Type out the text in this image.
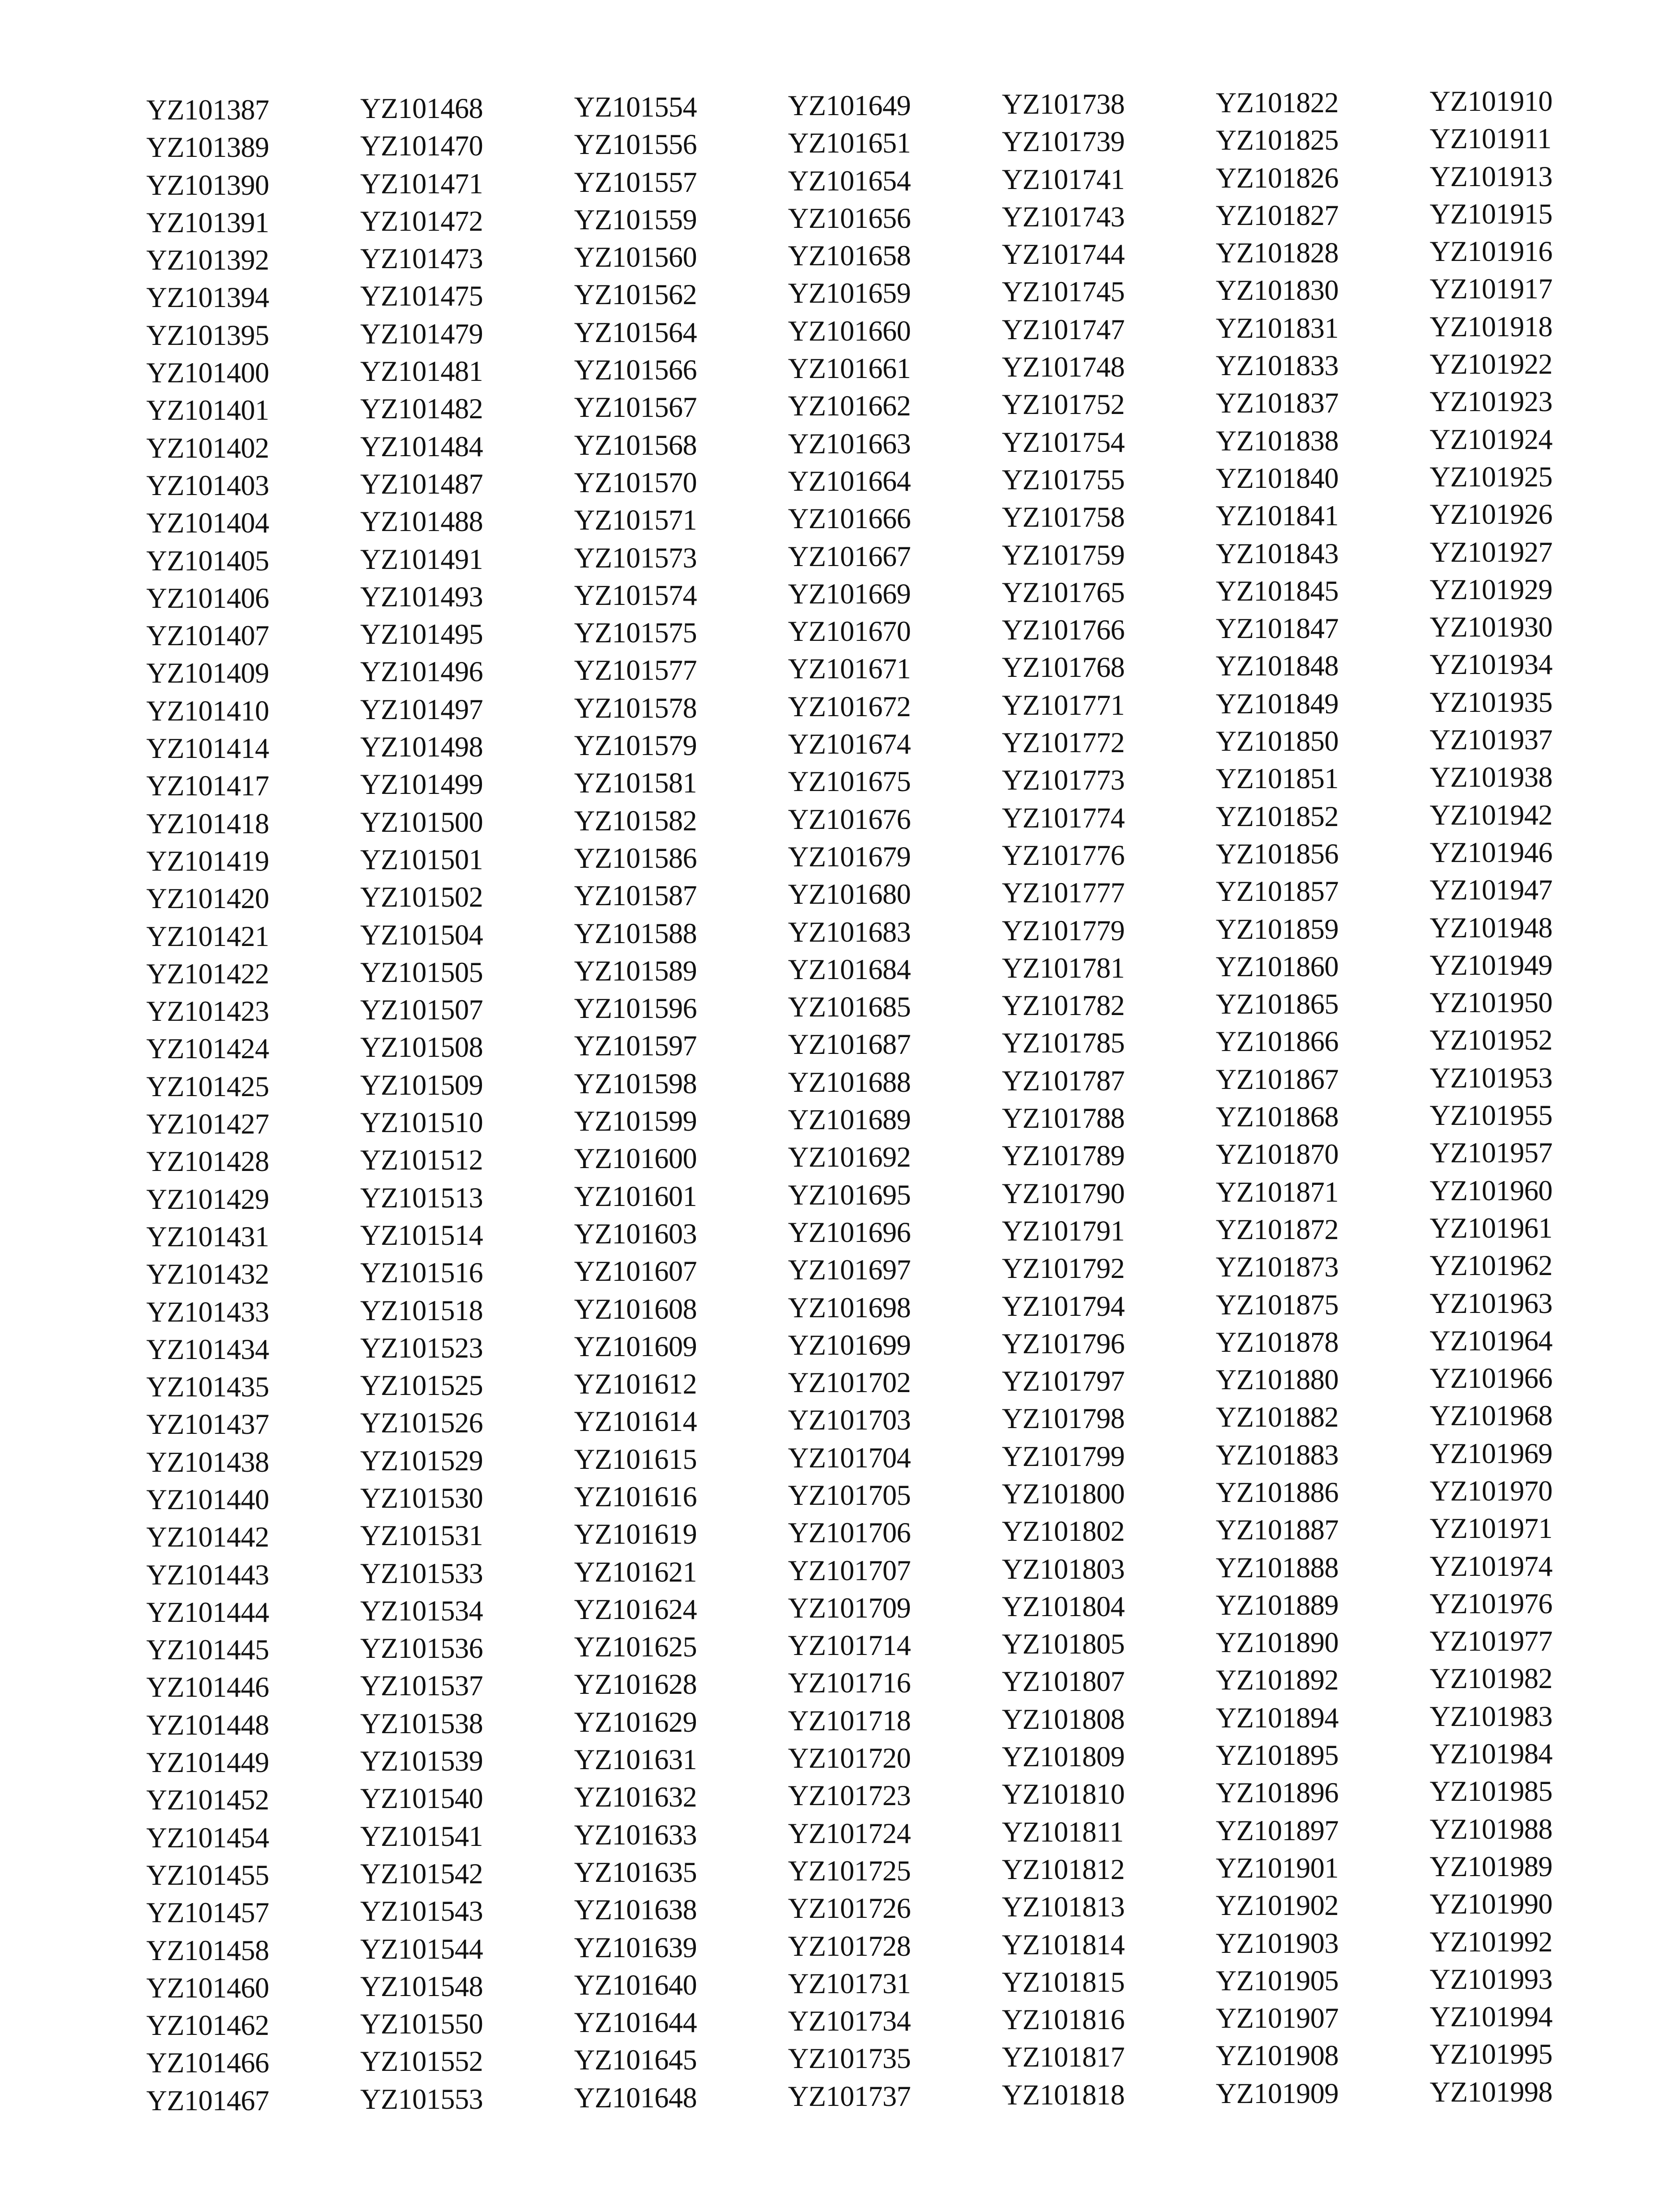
YZ101387
YZ101389
YZ101390
YZ101391
YZ101392
YZ101394
YZ101395
YZ101400
YZ101401
YZ101402
YZ101403
YZ101404
YZ101405
YZ101406
YZ101407
YZ101409
YZ101410
YZ101414
YZ101417
YZ101418
YZ101419
YZ101420
YZ101421
YZ101422
YZ101423
YZ101424
YZ101425
YZ101427
YZ101428
YZ101429
YZ101431
YZ101432
YZ101433
YZ101434
YZ101435
YZ101437
YZ101438
YZ101440
YZ101442
YZ101443
YZ101444
YZ101445
YZ101446
YZ101448
YZ101449
YZ101452
YZ101454
YZ101455
YZ101457
YZ101458
YZ101460
YZ101462
YZ101466
YZ101467
YZ101468
YZ101470
YZ101471
YZ101472
YZ101473
YZ101475
YZ101479
YZ101481
YZ101482
YZ101484
YZ101487
YZ101488
YZ101491
YZ101493
YZ101495
YZ101496
YZ101497
YZ101498
YZ101499
YZ101500
YZ101501
YZ101502
YZ101504
YZ101505
YZ101507
YZ101508
YZ101509
YZ101510
YZ101512
YZ101513
YZ101514
YZ101516
YZ101518
YZ101523
YZ101525
YZ101526
YZ101529
YZ101530
YZ101531
YZ101533
YZ101534
YZ101536
YZ101537
YZ101538
YZ101539
YZ101540
YZ101541
YZ101542
YZ101543
YZ101544
YZ101548
YZ101550
YZ101552
YZ101553
YZ101554
YZ101556
YZ101557
YZ101559
YZ101560
YZ101562
YZ101564
YZ101566
YZ101567
YZ101568
YZ101570
YZ101571
YZ101573
YZ101574
YZ101575
YZ101577
YZ101578
YZ101579
YZ101581
YZ101582
YZ101586
YZ101587
YZ101588
YZ101589
YZ101596
YZ101597
YZ101598
YZ101599
YZ101600
YZ101601
YZ101603
YZ101607
YZ101608
YZ101609
YZ101612
YZ101614
YZ101615
YZ101616
YZ101619
YZ101621
YZ101624
YZ101625
YZ101628
YZ101629
YZ101631
YZ101632
YZ101633
YZ101635
YZ101638
YZ101639
YZ101640
YZ101644
YZ101645
YZ101648
YZ101649
YZ101651
YZ101654
YZ101656
YZ101658
YZ101659
YZ101660
YZ101661
YZ101662
YZ101663
YZ101664
YZ101666
YZ101667
YZ101669
YZ101670
YZ101671
YZ101672
YZ101674
YZ101675
YZ101676
YZ101679
YZ101680
YZ101683
YZ101684
YZ101685
YZ101687
YZ101688
YZ101689
YZ101692
YZ101695
YZ101696
YZ101697
YZ101698
YZ101699
YZ101702
YZ101703
YZ101704
YZ101705
YZ101706
YZ101707
YZ101709
YZ101714
YZ101716
YZ101718
YZ101720
YZ101723
YZ101724
YZ101725
YZ101726
YZ101728
YZ101731
YZ101734
YZ101735
YZ101737
YZ101738
YZ101739
YZ101741
YZ101743
YZ101744
YZ101745
YZ101747
YZ101748
YZ101752
YZ101754
YZ101755
YZ101758
YZ101759
YZ101765
YZ101766
YZ101768
YZ101771
YZ101772
YZ101773
YZ101774
YZ101776
YZ101777
YZ101779
YZ101781
YZ101782
YZ101785
YZ101787
YZ101788
YZ101789
YZ101790
YZ101791
YZ101792
YZ101794
YZ101796
YZ101797
YZ101798
YZ101799
YZ101800
YZ101802
YZ101803
YZ101804
YZ101805
YZ101807
YZ101808
YZ101809
YZ101810
YZ101811
YZ101812
YZ101813
YZ101814
YZ101815
YZ101816
YZ101817
YZ101818
YZ101822
YZ101825
YZ101826
YZ101827
YZ101828
YZ101830
YZ101831
YZ101833
YZ101837
YZ101838
YZ101840
YZ101841
YZ101843
YZ101845
YZ101847
YZ101848
YZ101849
YZ101850
YZ101851
YZ101852
YZ101856
YZ101857
YZ101859
YZ101860
YZ101865
YZ101866
YZ101867
YZ101868
YZ101870
YZ101871
YZ101872
YZ101873
YZ101875
YZ101878
YZ101880
YZ101882
YZ101883
YZ101886
YZ101887
YZ101888
YZ101889
YZ101890
YZ101892
YZ101894
YZ101895
YZ101896
YZ101897
YZ101901
YZ101902
YZ101903
YZ101905
YZ101907
YZ101908
YZ101909
YZ101910
YZ101911
YZ101913
YZ101915
YZ101916
YZ101917
YZ101918
YZ101922
YZ101923
YZ101924
YZ101925
YZ101926
YZ101927
YZ101929
YZ101930
YZ101934
YZ101935
YZ101937
YZ101938
YZ101942
YZ101946
YZ101947
YZ101948
YZ101949
YZ101950
YZ101952
YZ101953
YZ101955
YZ101957
YZ101960
YZ101961
YZ101962
YZ101963
YZ101964
YZ101966
YZ101968
YZ101969
YZ101970
YZ101971
YZ101974
YZ101976
YZ101977
YZ101982
YZ101983
YZ101984
YZ101985
YZ101988
YZ101989
YZ101990
YZ101992
YZ101993
YZ101994
YZ101995
YZ101998
